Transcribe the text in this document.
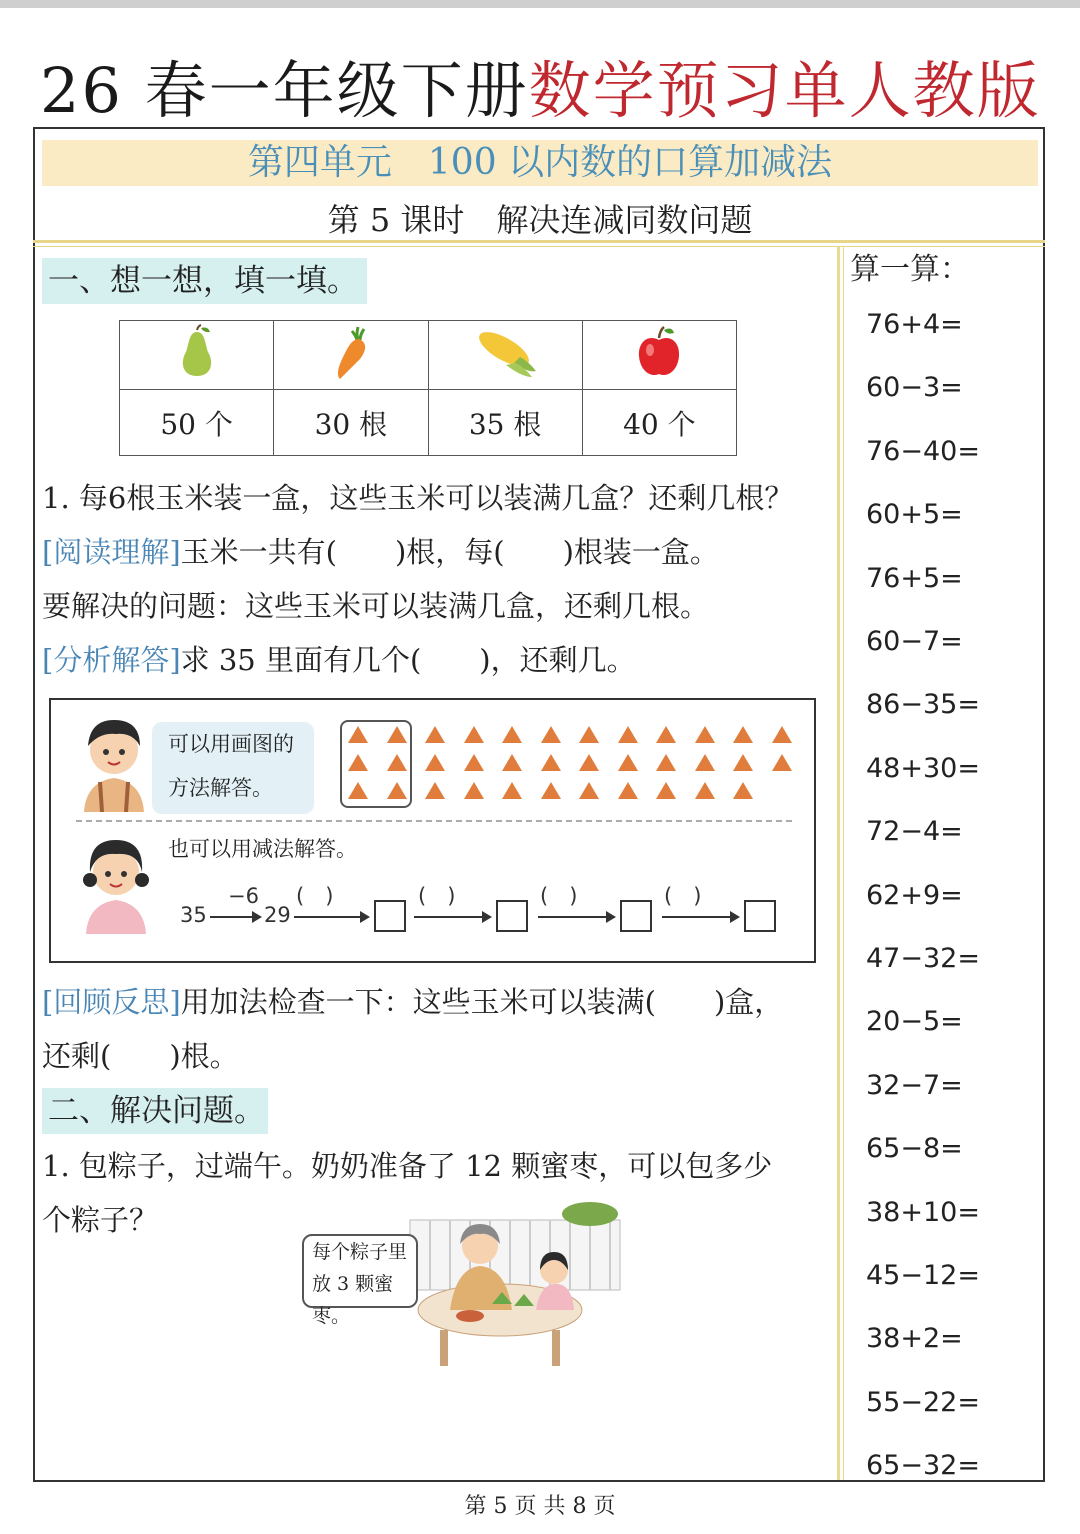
26 春一年级下册数学预习单人教版
第四单元　100 以内数的口算加减法
第 5 课时　解决连减同数问题
一、想一想，填一填。

50 个	30 根	35 根	40 个
1. 每6根玉米装一盒，这些玉米可以装满几盒？还剩几根？
[阅读理解]玉米一共有(　　)根，每(　　)根装一盒。
要解决的问题：这些玉米可以装满几盒，还剩几根。
[分析解答]求 35 里面有几个(　　)，还剩几。
可以用画图的
方法解答。
也可以用减法解答。
35
−6
29
(　)	(　)	(　)	(　)
[回顾反思]用加法检查一下：这些玉米可以装满(　　)盒，
还剩(　　)根。
二、解决问题。
1. 包粽子，过端午。奶奶准备了 12 颗蜜枣，可以包多少
个粽子？
每个粽子里
放 3 颗蜜枣。
算一算：
76+4=
60−3=
76−40=
60+5=
76+5=
60−7=
86−35=
48+30=
72−4=
62+9=
47−32=
20−5=
32−7=
65−8=
38+10=
45−12=
38+2=
55−22=
65−32=
第 5 页 共 8 页
